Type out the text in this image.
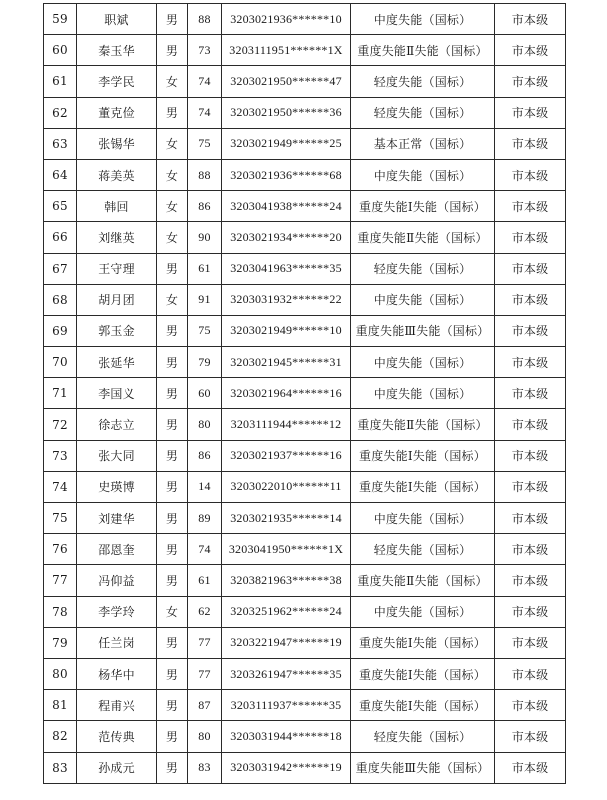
59	职斌	男	88	3203021936******10	中度失能（国标）	市本级
60	秦玉华	男	73	3203111951******1X	重度失能Ⅱ失能（国标）	市本级
61	李学民	女	74	3203021950******47	轻度失能（国标）	市本级
62	董克俭	男	74	3203021950******36	轻度失能（国标）	市本级
63	张锡华	女	75	3203021949******25	基本正常（国标）	市本级
64	蒋美英	女	88	3203021936******68	中度失能（国标）	市本级
65	韩回	女	86	3203041938******24	重度失能Ⅰ失能（国标）	市本级
66	刘继英	女	90	3203021934******20	重度失能Ⅱ失能（国标）	市本级
67	王守理	男	61	3203041963******35	轻度失能（国标）	市本级
68	胡月团	女	91	3203031932******22	中度失能（国标）	市本级
69	郭玉金	男	75	3203021949******10	重度失能Ⅲ失能（国标）	市本级
70	张延华	男	79	3203021945******31	中度失能（国标）	市本级
71	李国义	男	60	3203021964******16	中度失能（国标）	市本级
72	徐志立	男	80	3203111944******12	重度失能Ⅱ失能（国标）	市本级
73	张大同	男	86	3203021937******16	重度失能Ⅰ失能（国标）	市本级
74	史瑛博	男	14	3203022010******11	重度失能Ⅰ失能（国标）	市本级
75	刘建华	男	89	3203021935******14	中度失能（国标）	市本级
76	邵恩奎	男	74	3203041950******1X	轻度失能（国标）	市本级
77	冯仰益	男	61	3203821963******38	重度失能Ⅱ失能（国标）	市本级
78	李学玲	女	62	3203251962******24	中度失能（国标）	市本级
79	任兰岗	男	77	3203221947******19	重度失能Ⅰ失能（国标）	市本级
80	杨华中	男	77	3203261947******35	重度失能Ⅰ失能（国标）	市本级
81	程甫兴	男	87	3203111937******35	重度失能Ⅰ失能（国标）	市本级
82	范传典	男	80	3203031944******18	轻度失能（国标）	市本级
83	孙成元	男	83	3203031942******19	重度失能Ⅲ失能（国标）	市本级
